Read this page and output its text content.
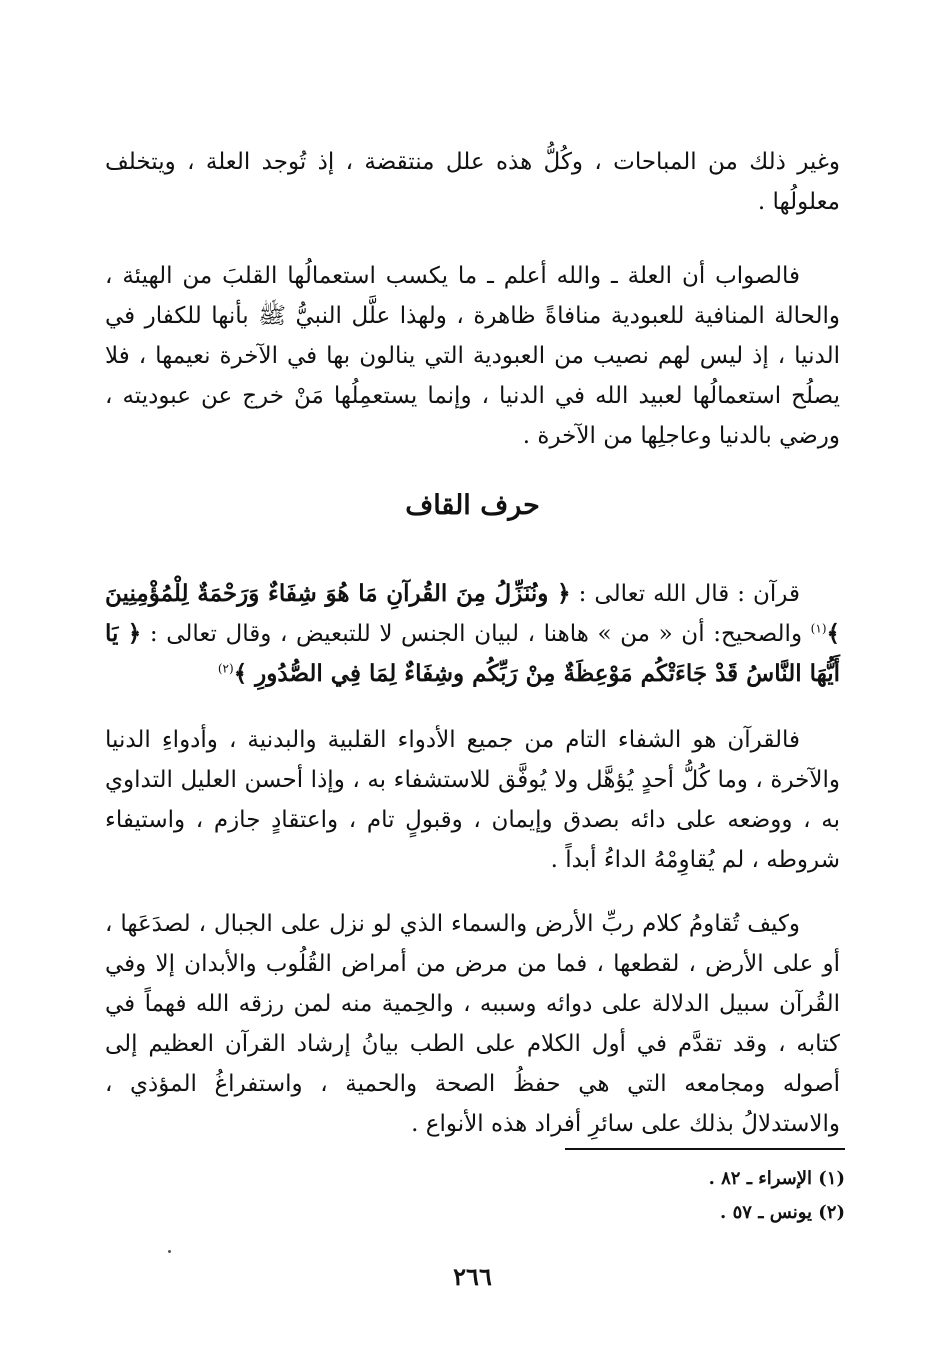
وغير ذلك من المباحات ، وكُلُّ هذه علل منتقضة ، إذ تُوجد العلة ، ويتخلف معلولُها .

فالصواب أن العلة ـ والله أعلم ـ ما يكسب استعمالُها القلبَ من الهيئة ، والحالة المنافية للعبودية منافاةً ظاهرة ، ولهذا علَّل النبيُّ ﷺ بأنها للكفار في الدنيا ، إذ ليس لهم نصيب من العبودية التي ينالون بها في الآخرة نعيمها ، فلا يصلُح استعمالُها لعبيد الله في الدنيا ، وإنما يستعمِلُها مَنْ خرج عن عبوديته ، ورضي بالدنيا وعاجلِها من الآخرة .

حرف القاف

قرآن : قال الله تعالى : ﴿ ونُنَزِّلُ مِنَ القُرآنِ مَا هُوَ شِفَاءٌ وَرَحْمَةٌ لِلْمُؤْمِنِينَ ﴾$^{(١)}$ والصحيح: أن « من » هاهنا ، لبيان الجنس لا للتبعيض ، وقال تعالى : ﴿ يَا أَيُّهَا النَّاسُ قَدْ جَاءَتْكُم مَوْعِظَةٌ مِنْ رَبِّكُم وشِفَاءٌ لِمَا فِي الصُّدُورِ ﴾$^{(٢)}$

فالقرآن هو الشفاء التام من جميع الأدواء القلبية والبدنية ، وأدواءِ الدنيا والآخرة ، وما كُلُّ أحدٍ يُؤهَّل ولا يُوفَّق للاستشفاء به ، وإذا أحسن العليل التداوي به ، ووضعه على دائه بصدق وإيمان ، وقبولٍ تام ، واعتقادٍ جازم ، واستيفاء شروطه ، لم يُقاوِمْهُ الداءُ أبداً .

وكيف تُقاومُ كلام ربِّ الأرض والسماء الذي لو نزل على الجبال ، لصدَعَها ، أو على الأرض ، لقطعها ، فما من مرض من أمراض القُلُوب والأبدان إلا وفي القُرآن سبيل الدلالة على دوائه وسببه ، والحِمية منه لمن رزقه الله فهماً في كتابه ، وقد تقدَّم في أول الكلام على الطب بيانُ إرشاد القرآن العظيم إلى أصوله ومجامعه التي هي حفظُ الصحة والحمية ، واستفراغُ المؤذي ، والاستدلالُ بذلك على سائرِ أفراد هذه الأنواع .

(١) الإسراء ـ ٨٢ .
(٢) يونس ـ ٥٧ .
٢٦٦
